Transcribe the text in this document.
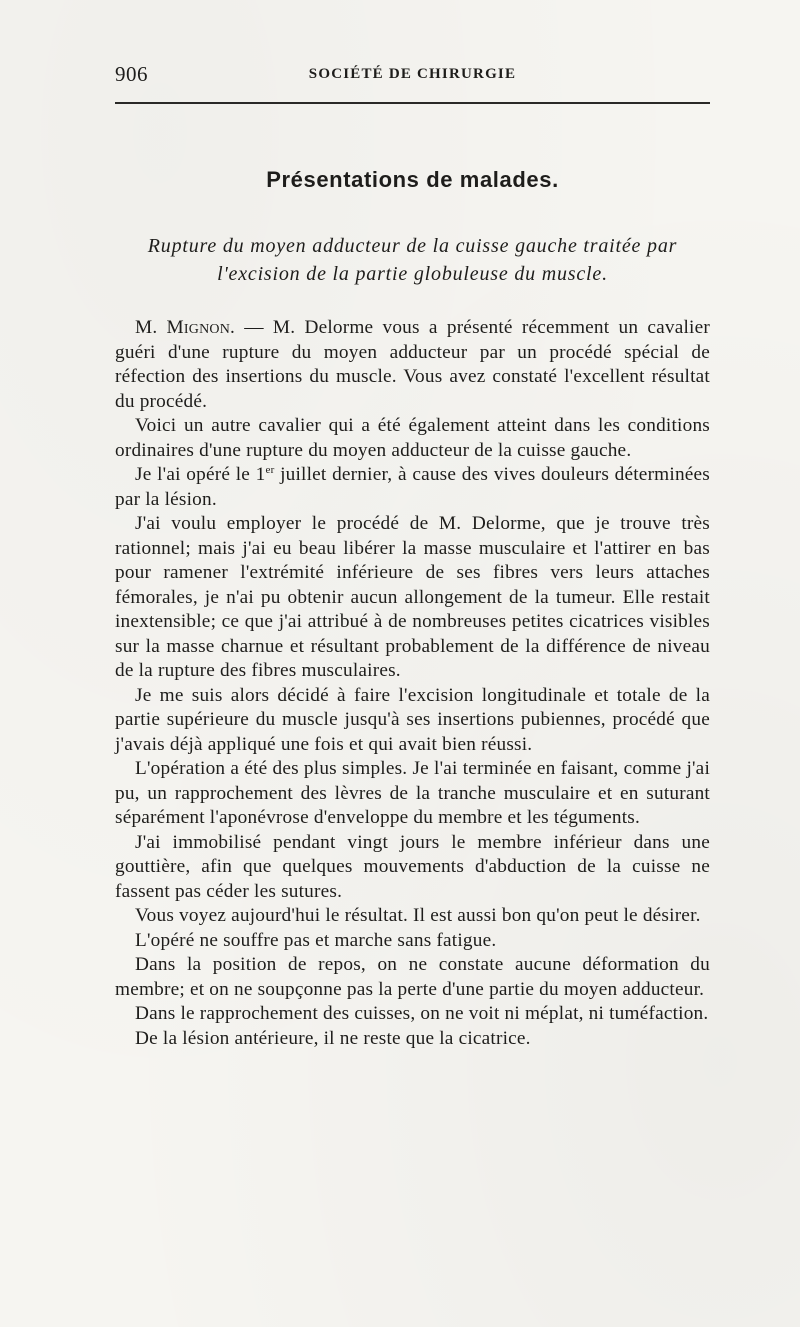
906	SOCIÉTÉ DE CHIRURGIE
Présentations de malades.
Rupture du moyen adducteur de la cuisse gauche traitée par
l'excision de la partie globuleuse du muscle.

M. Mignon. — M. Delorme vous a présenté récemment un cavalier guéri d'une rupture du moyen adducteur par un procédé spécial de réfection des insertions du muscle. Vous avez constaté l'excellent résultat du procédé.

Voici un autre cavalier qui a été également atteint dans les conditions ordinaires d'une rupture du moyen adducteur de la cuisse gauche.

Je l'ai opéré le 1er juillet dernier, à cause des vives douleurs déterminées par la lésion.

J'ai voulu employer le procédé de M. Delorme, que je trouve très rationnel; mais j'ai eu beau libérer la masse musculaire et l'attirer en bas pour ramener l'extrémité inférieure de ses fibres vers leurs attaches fémorales, je n'ai pu obtenir aucun allongement de la tumeur. Elle restait inextensible; ce que j'ai attribué à de nombreuses petites cicatrices visibles sur la masse charnue et résultant probablement de la différence de niveau de la rupture des fibres musculaires.

Je me suis alors décidé à faire l'excision longitudinale et totale de la partie supérieure du muscle jusqu'à ses insertions pubiennes, procédé que j'avais déjà appliqué une fois et qui avait bien réussi.

L'opération a été des plus simples. Je l'ai terminée en faisant, comme j'ai pu, un rapprochement des lèvres de la tranche musculaire et en suturant séparément l'aponévrose d'enveloppe du membre et les téguments.

J'ai immobilisé pendant vingt jours le membre inférieur dans une gouttière, afin que quelques mouvements d'abduction de la cuisse ne fassent pas céder les sutures.

Vous voyez aujourd'hui le résultat. Il est aussi bon qu'on peut le désirer.

L'opéré ne souffre pas et marche sans fatigue.

Dans la position de repos, on ne constate aucune déformation du membre; et on ne soupçonne pas la perte d'une partie du moyen adducteur.

Dans le rapprochement des cuisses, on ne voit ni méplat, ni tuméfaction.

De la lésion antérieure, il ne reste que la cicatrice.
